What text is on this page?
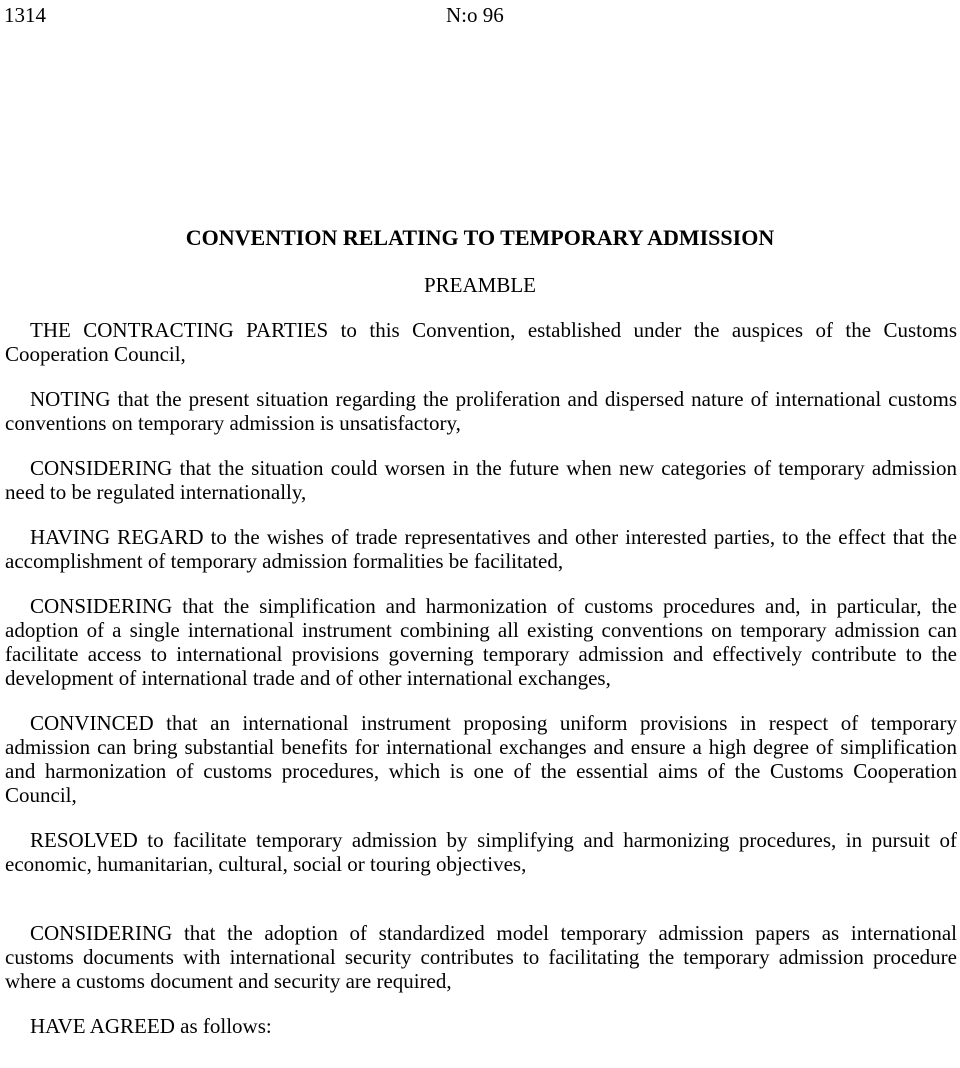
1314	N:o 96
CONVENTION RELATING TO TEMPORARY ADMISSION
PREAMBLE

THE CONTRACTING PARTIES to this Convention, established under the auspices of the Customs Cooperation Council,

NOTING that the present situation regarding the proliferation and dispersed nature of international customs conventions on temporary admission is unsatisfactory,

CONSIDERING that the situation could worsen in the future when new categories of temporary admission need to be regulated internationally,

HAVING REGARD to the wishes of trade representatives and other interested parties, to the effect that the accomplishment of temporary admission formalities be facilitated,

CONSIDERING that the simplification and harmonization of customs procedures and, in particular, the adoption of a single international instrument combining all existing conventions on temporary admission can facilitate access to international provisions governing temporary admission and effectively contribute to the development of international trade and of other international exchanges,

CONVINCED that an international instrument proposing uniform provisions in respect of temporary admission can bring substantial benefits for international exchanges and ensure a high degree of simplification and harmonization of customs procedures, which is one of the essential aims of the Customs Cooperation Council,

RESOLVED to facilitate temporary admission by simplifying and harmonizing procedures, in pursuit of economic, humanitarian, cultural, social or touring objectives,

CONSIDERING that the adoption of standardized model temporary admission papers as international customs documents with international security contributes to facilitating the temporary admission procedure where a customs document and security are required,

HAVE AGREED as follows:
